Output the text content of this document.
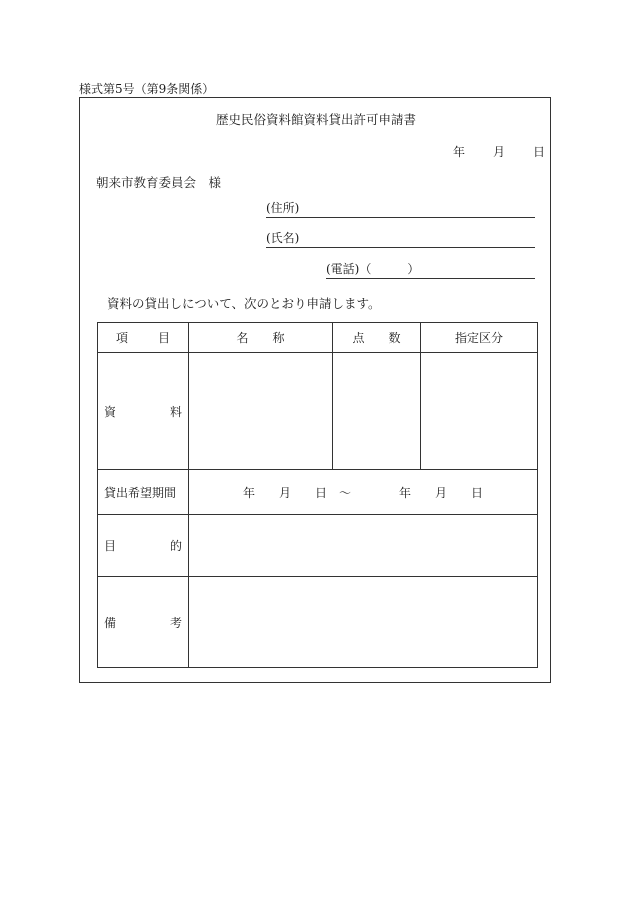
様式第5号（第9条関係）
歴史民俗資料館資料貸出許可申請書
年 月 日
朝来市教育委員会　様
(住所)
(氏名)
(電話)（　　　）
資料の貸出しについて、次のとおり申請します。
項 目	名　　称	点　　数	指定区分

資 料			

貸出希望期間	年　　月　　日　〜　　　　年　　月　　日		

目 的			

備 考			
